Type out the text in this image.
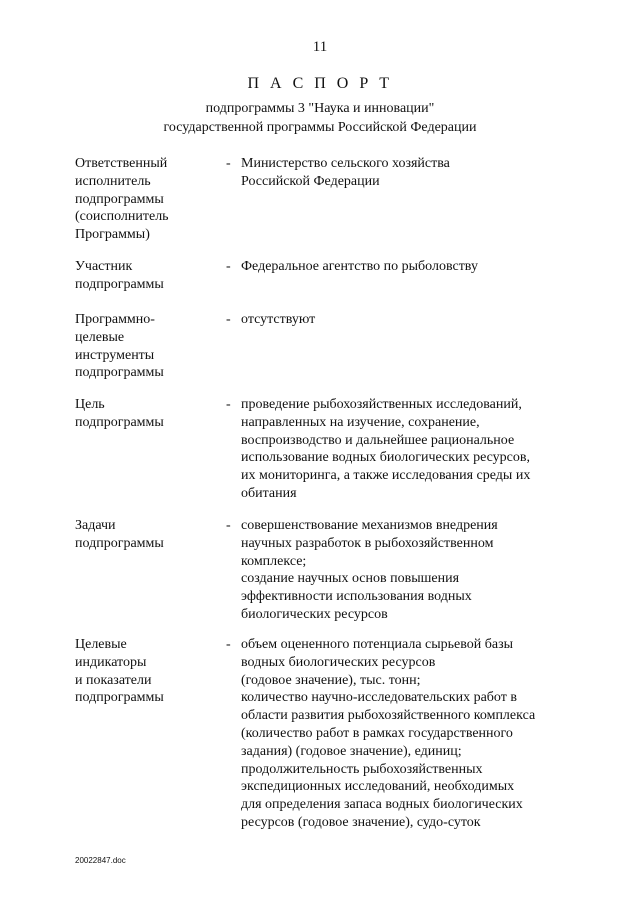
11
П А С П О Р Т
подпрограммы 3 "Наука и инновации"
государственной программы Российской Федерации
Ответственный
исполнитель
подпрограммы
(соисполнитель
Программы)
- Министерство сельского хозяйства
Российской Федерации
Участник
подпрограммы
- Федеральное агентство по рыболовству
Программно-
целевые
инструменты
подпрограммы
- отсутствуют
Цель
подпрограммы
- проведение рыбохозяйственных исследований,
направленных на изучение, сохранение,
воспроизводство и дальнейшее рациональное
использование водных биологических ресурсов,
их мониторинга, а также исследования среды их
обитания
Задачи
подпрограммы
- совершенствование механизмов внедрения
научных разработок в рыбохозяйственном
комплексе;
создание научных основ повышения
эффективности использования водных
биологических ресурсов
Целевые
индикаторы
и показатели
подпрограммы
- объем оцененного потенциала сырьевой базы
водных биологических ресурсов
(годовое значение), тыс. тонн;
количество научно-исследовательских работ в
области развития рыбохозяйственного комплекса
(количество работ в рамках государственного
задания) (годовое значение), единиц;
продолжительность рыбохозяйственных
экспедиционных исследований, необходимых
для определения запаса водных биологических
ресурсов (годовое значение), судо-суток
20022847.doc
